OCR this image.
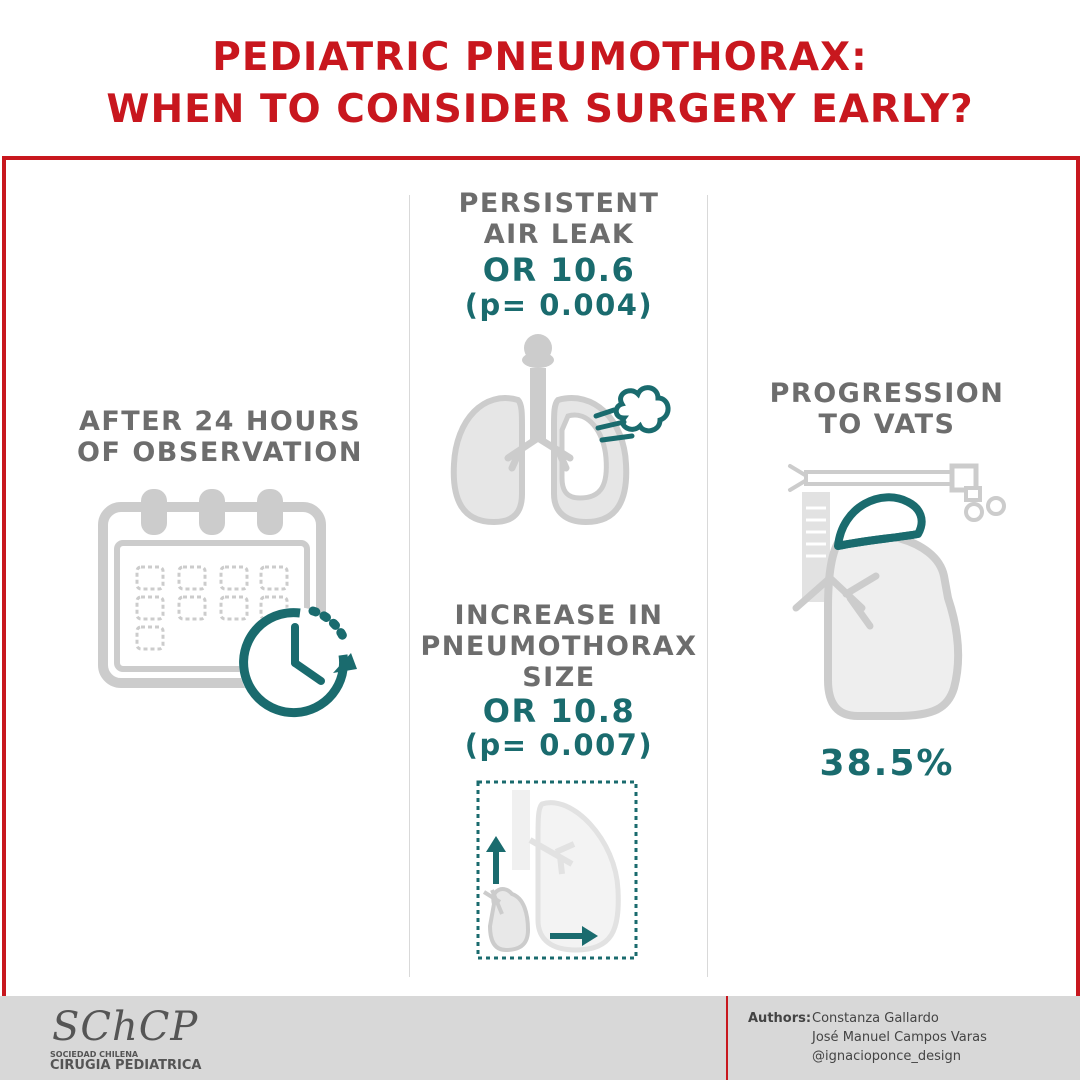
PEDIATRIC PNEUMOTHORAX:
WHEN TO CONSIDER SURGERY EARLY?
AFTER 24 HOURS
OF OBSERVATION
PERSISTENT
AIR LEAK
OR 10.6
(p= 0.004)
INCREASE IN
PNEUMOTHORAX
SIZE
OR 10.8
(p= 0.007)
PROGRESSION
TO VATS
38.5%
SChCP
SOCIEDAD CHILENA
CIRUGIA PEDIATRICA
Authors: Constanza Gallardo
José Manuel Campos Varas
@ignacioponce_design
